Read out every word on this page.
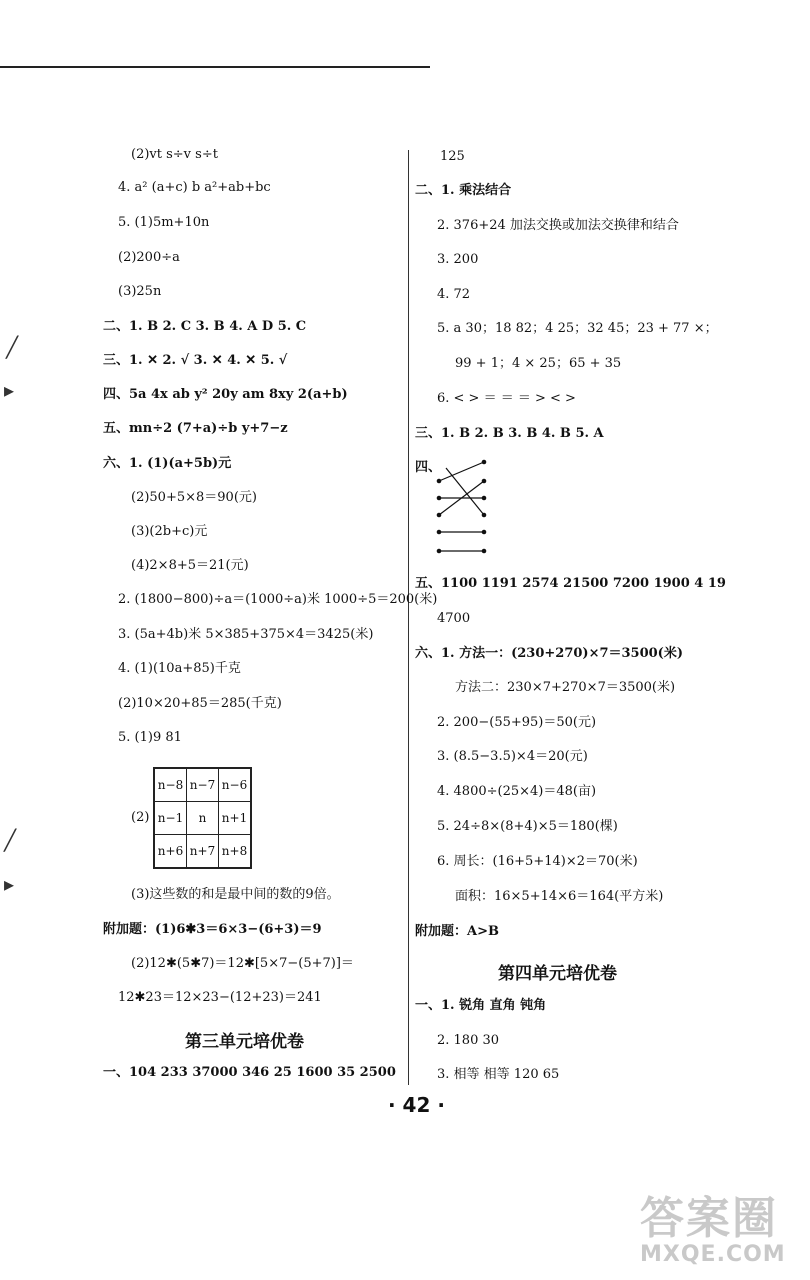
╱
▸
╱
▸
(2)vt s÷v s÷t
4. a² (a+c) b a²+ab+bc
5. (1)5m+10n
(2)200÷a
(3)25n
二、1. B 2. C 3. B 4. A D 5. C
三、1. ✕ 2. √ 3. ✕ 4. ✕ 5. √
四、5a 4x ab y² 20y am 8xy 2(a+b)
五、mn÷2 (7+a)÷b y+7−z
六、1. (1)(a+5b)元
(2)50+5×8＝90(元)
(3)(2b+c)元
(4)2×8+5＝21(元)
2. (1800−800)÷a＝(1000÷a)米 1000÷5＝200(米)
3. (5a+4b)米 5×385+375×4＝3425(米)
4. (1)(10a+85)千克
(2)10×20+85＝285(千克)
5. (1)9 81
(2)
n−8	n−7	n−6
n−1	n	n+1
n+6	n+7	n+8
(3)这些数的和是最中间的数的9倍。
附加题：(1)6✱3＝6×3−(6+3)＝9
(2)12✱(5✱7)＝12✱[5×7−(5+7)]＝
12✱23＝12×23−(12+23)＝241
第三单元培优卷
一、104 233 37000 346 25 1600 35 2500
125
二、1. 乘法结合
2. 376+24 加法交换或加法交换律和结合
3. 200
4. 72
5. a 30；18 82；4 25；32 45；23 + 77 ×；
99 + 1；4 × 25；65 + 35
6. < > ＝ ＝ ＝ > < >
三、1. B 2. B 3. B 4. B 5. A
四、
五、1100 1191 2574 21500 7200 1900 4 19
4700
六、1. 方法一：(230+270)×7＝3500(米)
方法二：230×7+270×7＝3500(米)
2. 200−(55+95)＝50(元)
3. (8.5−3.5)×4＝20(元)
4. 4800÷(25×4)＝48(亩)
5. 24÷8×(8+4)×5＝180(棵)
6. 周长：(16+5+14)×2＝70(米)
面积：16×5+14×6＝164(平方米)
附加题：A>B
第四单元培优卷
一、1. 锐角 直角 钝角
2. 180 30
3. 相等 相等 120 65
· 42 ·
答案圈
MXQE.COM
